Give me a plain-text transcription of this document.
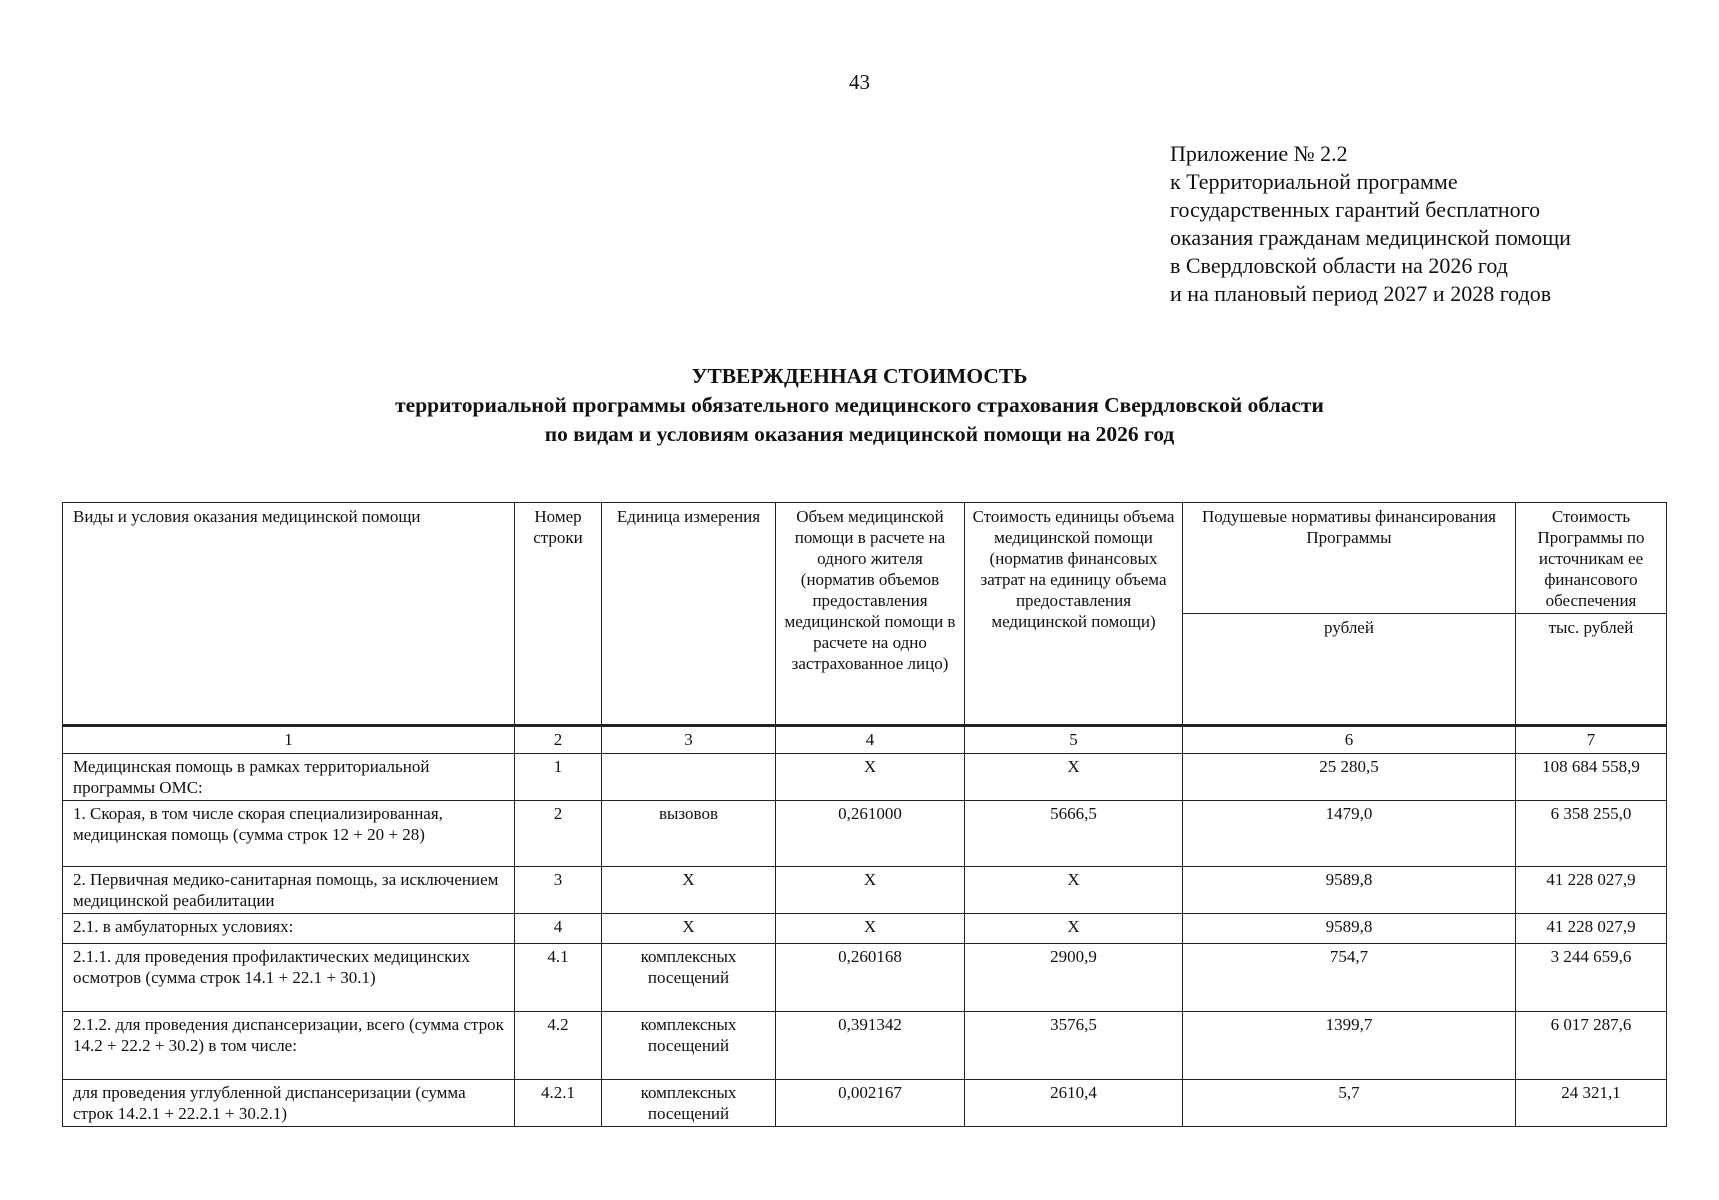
43
Приложение № 2.2
к Территориальной программе
государственных гарантий бесплатного
оказания гражданам медицинской помощи
в Свердловской области на 2026 год
и на плановый период 2027 и 2028 годов
УТВЕРЖДЕННАЯ СТОИМОСТЬ
территориальной программы обязательного медицинского страхования Свердловской области
по видам и условиям оказания медицинской помощи на 2026 год
Виды и условия оказания медицинской помощи	Номер строки	Единица измерения	Объем медицинской помощи в расчете на одного жителя (норматив объемов предоставления медицинской помощи в расчете на одно застрахованное лицо)	Стоимость единицы объема медицинской помощи (норматив финансовых затрат на единицу объема предоставления медицинской помощи)	Подушевые нормативы финансирования Программы	Стоимость Программы по источникам ее финансового обеспечения
					рублей	тыс. рублей
1	2	3	4	5	6	7
Медицинская помощь в рамках территориальной программы ОМС:	1		Х	Х	25 280,5	108 684 558,9
1. Скорая, в том числе скорая специализированная, медицинская помощь (сумма строк 12 + 20 + 28)	2	вызовов	0,261000	5666,5	1479,0	6 358 255,0
2. Первичная медико-санитарная помощь, за исключением медицинской реабилитации	3	Х	Х	Х	9589,8	41 228 027,9
2.1. в амбулаторных условиях:	4	Х	Х	Х	9589,8	41 228 027,9
2.1.1. для проведения профилактических медицинских осмотров (сумма строк 14.1 + 22.1 + 30.1)	4.1	комплексных посещений	0,260168	2900,9	754,7	3 244 659,6
2.1.2. для проведения диспансеризации, всего (сумма строк 14.2 + 22.2 + 30.2) в том числе:	4.2	комплексных посещений	0,391342	3576,5	1399,7	6 017 287,6
для проведения углубленной диспансеризации (сумма строк 14.2.1 + 22.2.1 + 30.2.1)	4.2.1	комплексных посещений	0,002167	2610,4	5,7	24 321,1
